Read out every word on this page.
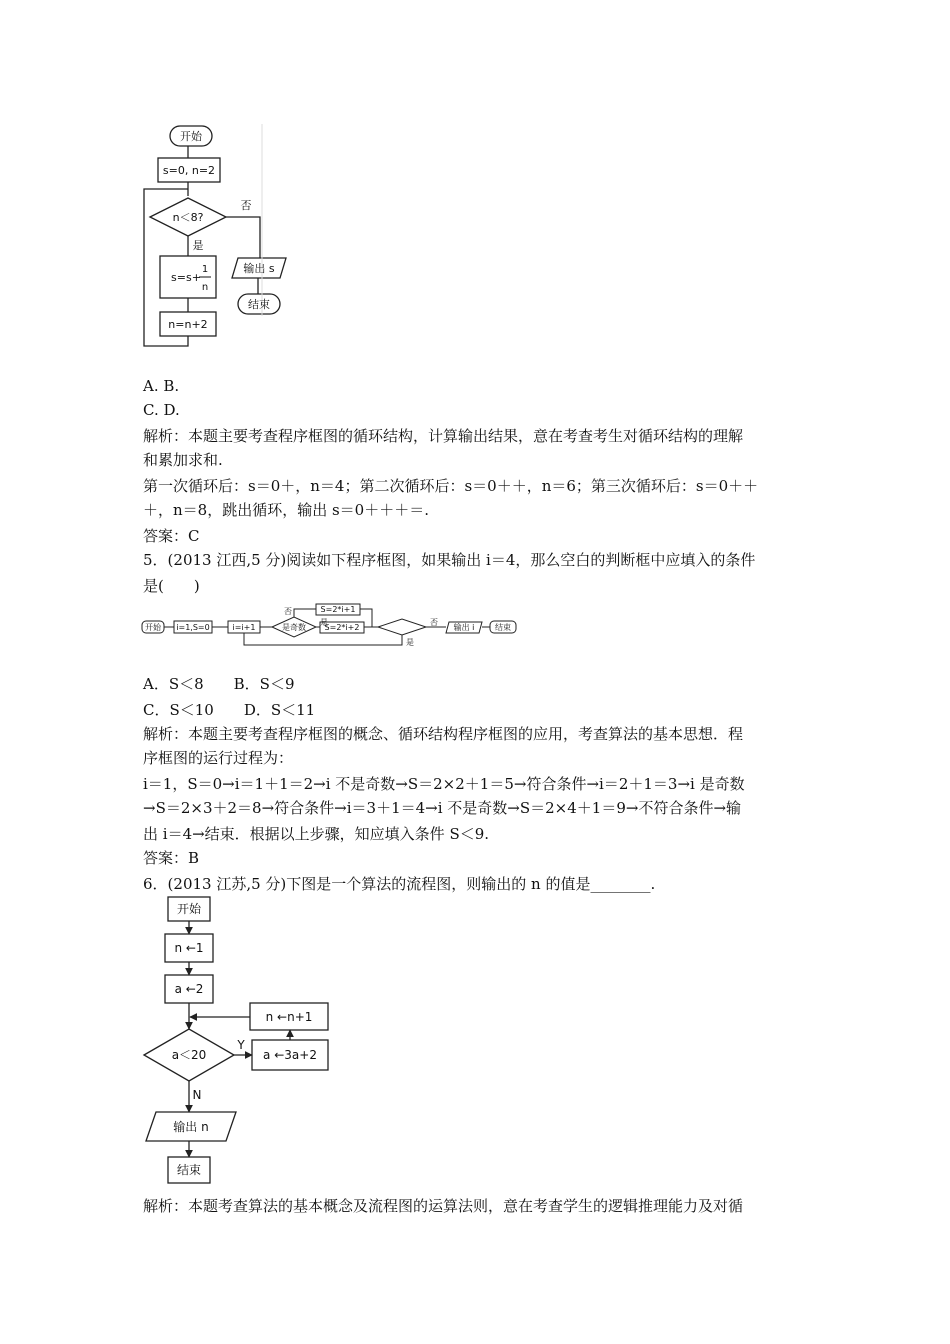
开始
s=0, n=2
n＜8?
否
是
s=s+
1
n
n=n+2
输出 s
结束
A. B.
C. D.
解析：本题主要考查程序框图的循环结构，计算输出结果，意在考查考生对循环结构的理解
和累加求和.
第一次循环后：s＝0＋，n＝4；第二次循环后：s＝0＋＋，n＝6；第三次循环后：s＝0＋＋
＋，n＝8，跳出循环，输出 s＝0＋＋＋＝.
答案：C
5．(2013 江西,5 分)阅读如下程序框图，如果输出 i＝4，那么空白的判断框中应填入的条件
是(　　)
开始 i=1,S=0	i=i+1	是奇数
否
是
S=2*i+1
S=2*i+2
否
是
输出 i	结束
A．S＜8　　B．S＜9
C．S＜10　　D．S＜11
解析：本题主要考查程序框图的概念、循环结构程序框图的应用，考查算法的基本思想．程
序框图的运行过程为：
i＝1，S＝0→i＝1＋1＝2→i 不是奇数→S＝2×2＋1＝5→符合条件→i＝2＋1＝3→i 是奇数
→S＝2×3＋2＝8→符合条件→i＝3＋1＝4→i 不是奇数→S＝2×4＋1＝9→不符合条件→输
出 i＝4→结束．根据以上步骤，知应填入条件 S＜9.
答案：B
6．(2013 江苏,5 分)下图是一个算法的流程图，则输出的 n 的值是________.
开始
n ←1
a ←2
a＜20
Y
N
a ←3a+2
n ←n+1
输出 n
结束
解析：本题考查算法的基本概念及流程图的运算法则，意在考查学生的逻辑推理能力及对循
